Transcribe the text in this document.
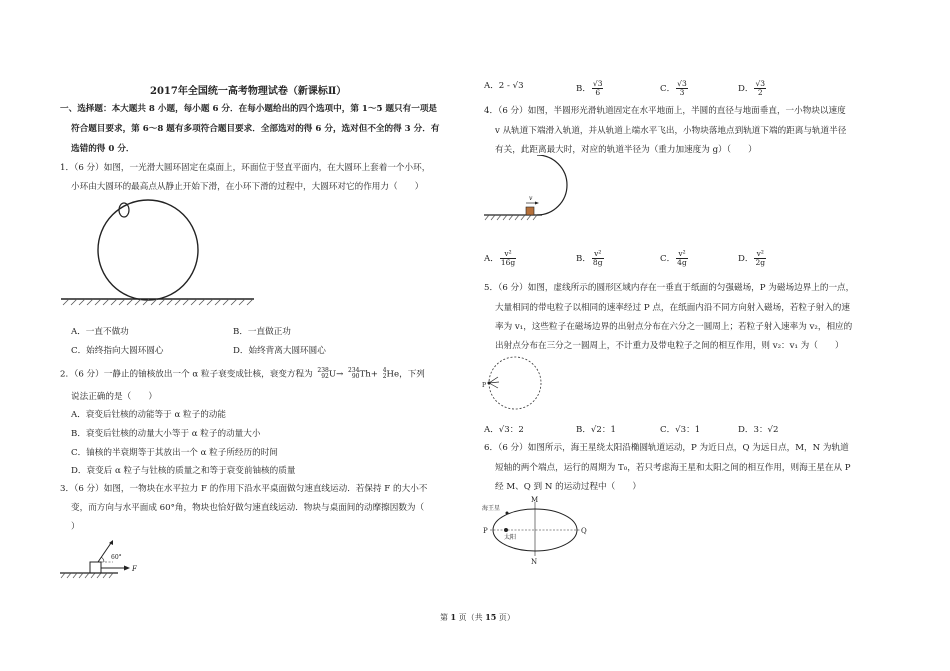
2017年全国统一高考物理试卷（新课标Ⅱ）
一、选择题：本大题共 8 小题，每小题 6 分．在每小题给出的四个选项中，第 1～5 题只有一项是
符合题目要求，第 6～8 题有多项符合题目要求．全部选对的得 6 分，选对但不全的得 3 分．有
选错的得 0 分．
1．（6 分）如图，一光滑大圆环固定在桌面上，环面位于竖直平面内，在大圆环上套着一个小环，
小环由大圆环的最高点从静止开始下滑，在小环下滑的过程中，大圆环对它的作用力（　　）
A．一直不做功	B．一直做正功
C．始终指向大圆环圆心	D．始终背离大圆环圆心
2．（6 分）一静止的铀核放出一个 α 粒子衰变成钍核，衰变方程为 238
92 U→ 234
90 Th+ 4
2 He，下列
说法正确的是（　　）
A．衰变后钍核的动能等于 α 粒子的动能
B．衰变后钍核的动量大小等于 α 粒子的动量大小
C．铀核的半衰期等于其放出一个 α 粒子所经历的时间
D．衰变后 α 粒子与钍核的质量之和等于衰变前铀核的质量
3．（6 分）如图，一物块在水平拉力 F 的作用下沿水平桌面做匀速直线运动．若保持 F 的大小不
变，而方向与水平面成 60°角，物块也恰好做匀速直线运动．物块与桌面间的动摩擦因数为（
）
60°
F
A．2 - √3	B． $\frac{√3}{6}$	C． $\frac{√3}{3}$	D． $\frac{√3}{2}$
4．（6 分）如图，半圆形光滑轨道固定在水平地面上，半圆的直径与地面垂直，一小物块以速度
v 从轨道下端滑入轨道，并从轨道上端水平飞出，小物块落地点到轨道下端的距离与轨道半径
有关，此距离最大时，对应的轨道半径为（重力加速度为 g）（　　）
v
A． $\frac{\text{v²}}{16g}$	B． $\frac{\text{v²}}{8g}$	C． $\frac{\text{v²}}{4g}$	D． $\frac{\text{v²}}{2g}$
5．（6 分）如图，虚线所示的圆形区域内存在一垂直于纸面的匀强磁场，P 为磁场边界上的一点，
大量相同的带电粒子以相同的速率经过 P 点，在纸面内沿不同方向射入磁场，若粒子射入的速
率为 v₁，这些粒子在磁场边界的出射点分布在六分之一圆周上；若粒子射入速率为 v₂，相应的
出射点分布在三分之一圆周上，不计重力及带电粒子之间的相互作用，则 v₂：v₁ 为（　　）
P
A．√3：2	B．√2：1	C．√3：1	D．3：√2
6．（6 分）如图所示，海王星绕太阳沿椭圆轨道运动，P 为近日点，Q 为远日点，M，N 为轨道
短轴的两个端点，运行的周期为 T₀，若只考虑海王星和太阳之间的相互作用，则海王星在从 P
经 M、Q 到 N 的运动过程中（　　）
海王星
太阳
M
N
P	Q
第 1 页（共 15 页）
